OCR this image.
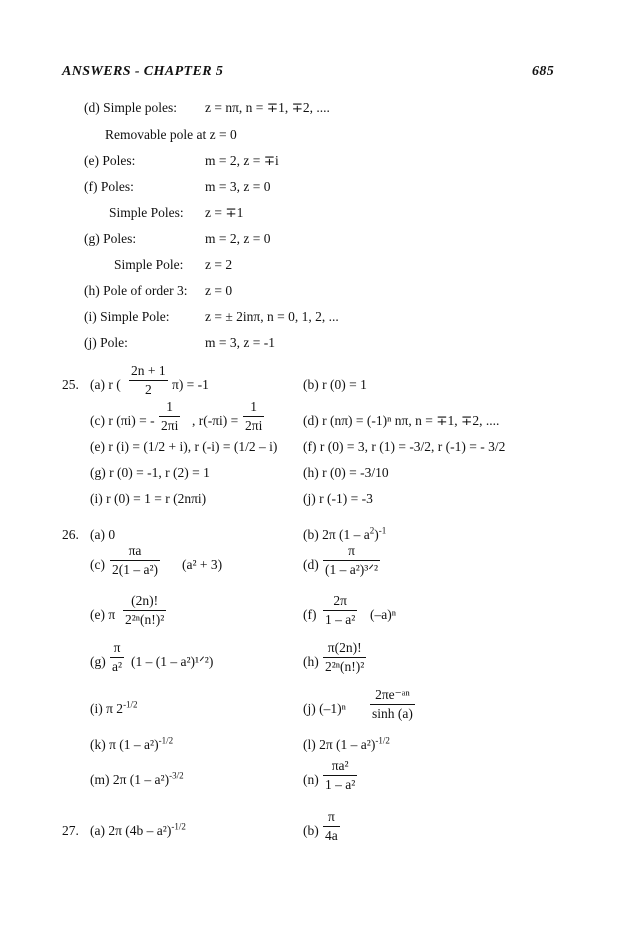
ANSWERS - CHAPTER 5	685
(d) Simple poles: z = nπ, n = ∓1, ∓2, ....
Removable pole at z = 0
(e) Poles:	m = 2, z = ∓i
(f) Poles:	m = 3, z = 0
Simple Poles: z = ∓1
(g) Poles:	m = 2, z = 0
Simple Pole: z = 2
(h) Pole of order 3: z = 0
(i) Simple Pole:	z = ± 2inπ, n = 0, 1, 2, ...
(j) Pole:	m = 3, z = -1
25. (a) r ( $\frac{2n + 1}{2} \pi) = -1$	(b) r (0) = 1
(c) r (πi) = - $\frac{1}{2\pi i}$ , $r(-\pi i) = \frac{1}{2\pi i}$	(d) r (nπ) = (-1)ⁿ nπ, n = ∓1, ∓2, ....
(e) r (i) = (1/2 + i), r (-i) = (1/2 – i) (f) r (0) = 3, r (1) = -3/2, r (-1) = - 3/2
(g) r (0) = -1, r (2) = 1	(h) r (0) = -3/10
(i) r (0) = 1 = r (2nπi)	(j) r (-1) = -3
26. (a) 0	(b) 2π $(1 - a^2)^{-1}$
$(c) \frac{\pi a}{\text{2(1 – a²)}} (a^2 + 3)$	(d)
π
(1 – a²)³ᐟ²
(e) π $\frac{(2n)!}{\text{2²ⁿ(n!)²}}$	$(f) \frac{2\pi}{\text{1 – a²}} (-a)^n$
$(g) \frac{\pi}{\text{a²}} (1 - (1$ – a²)¹ᐟ²)	$(h) \frac{\pi(2n)!}{\text{2²ⁿ(n!)²}}$
(i) π $2^{-1/2}$	(j) $(-1)^n \frac{\text{2πe⁻ᵃⁿ}}{\sinh (a)}$
(k) π (1 – a²)$^{-1/2}$	(l) 2π (1 – a²)$^{-1/2}$
(m) 2π (1 – a²)$^{-3/2}$	$(n) \frac{\text{πa²}}{\text{1 – a²}}$
27. (a) 2π (4b – a²)$^{-1/2}$	$(b) \frac{\pi}{4a}$
